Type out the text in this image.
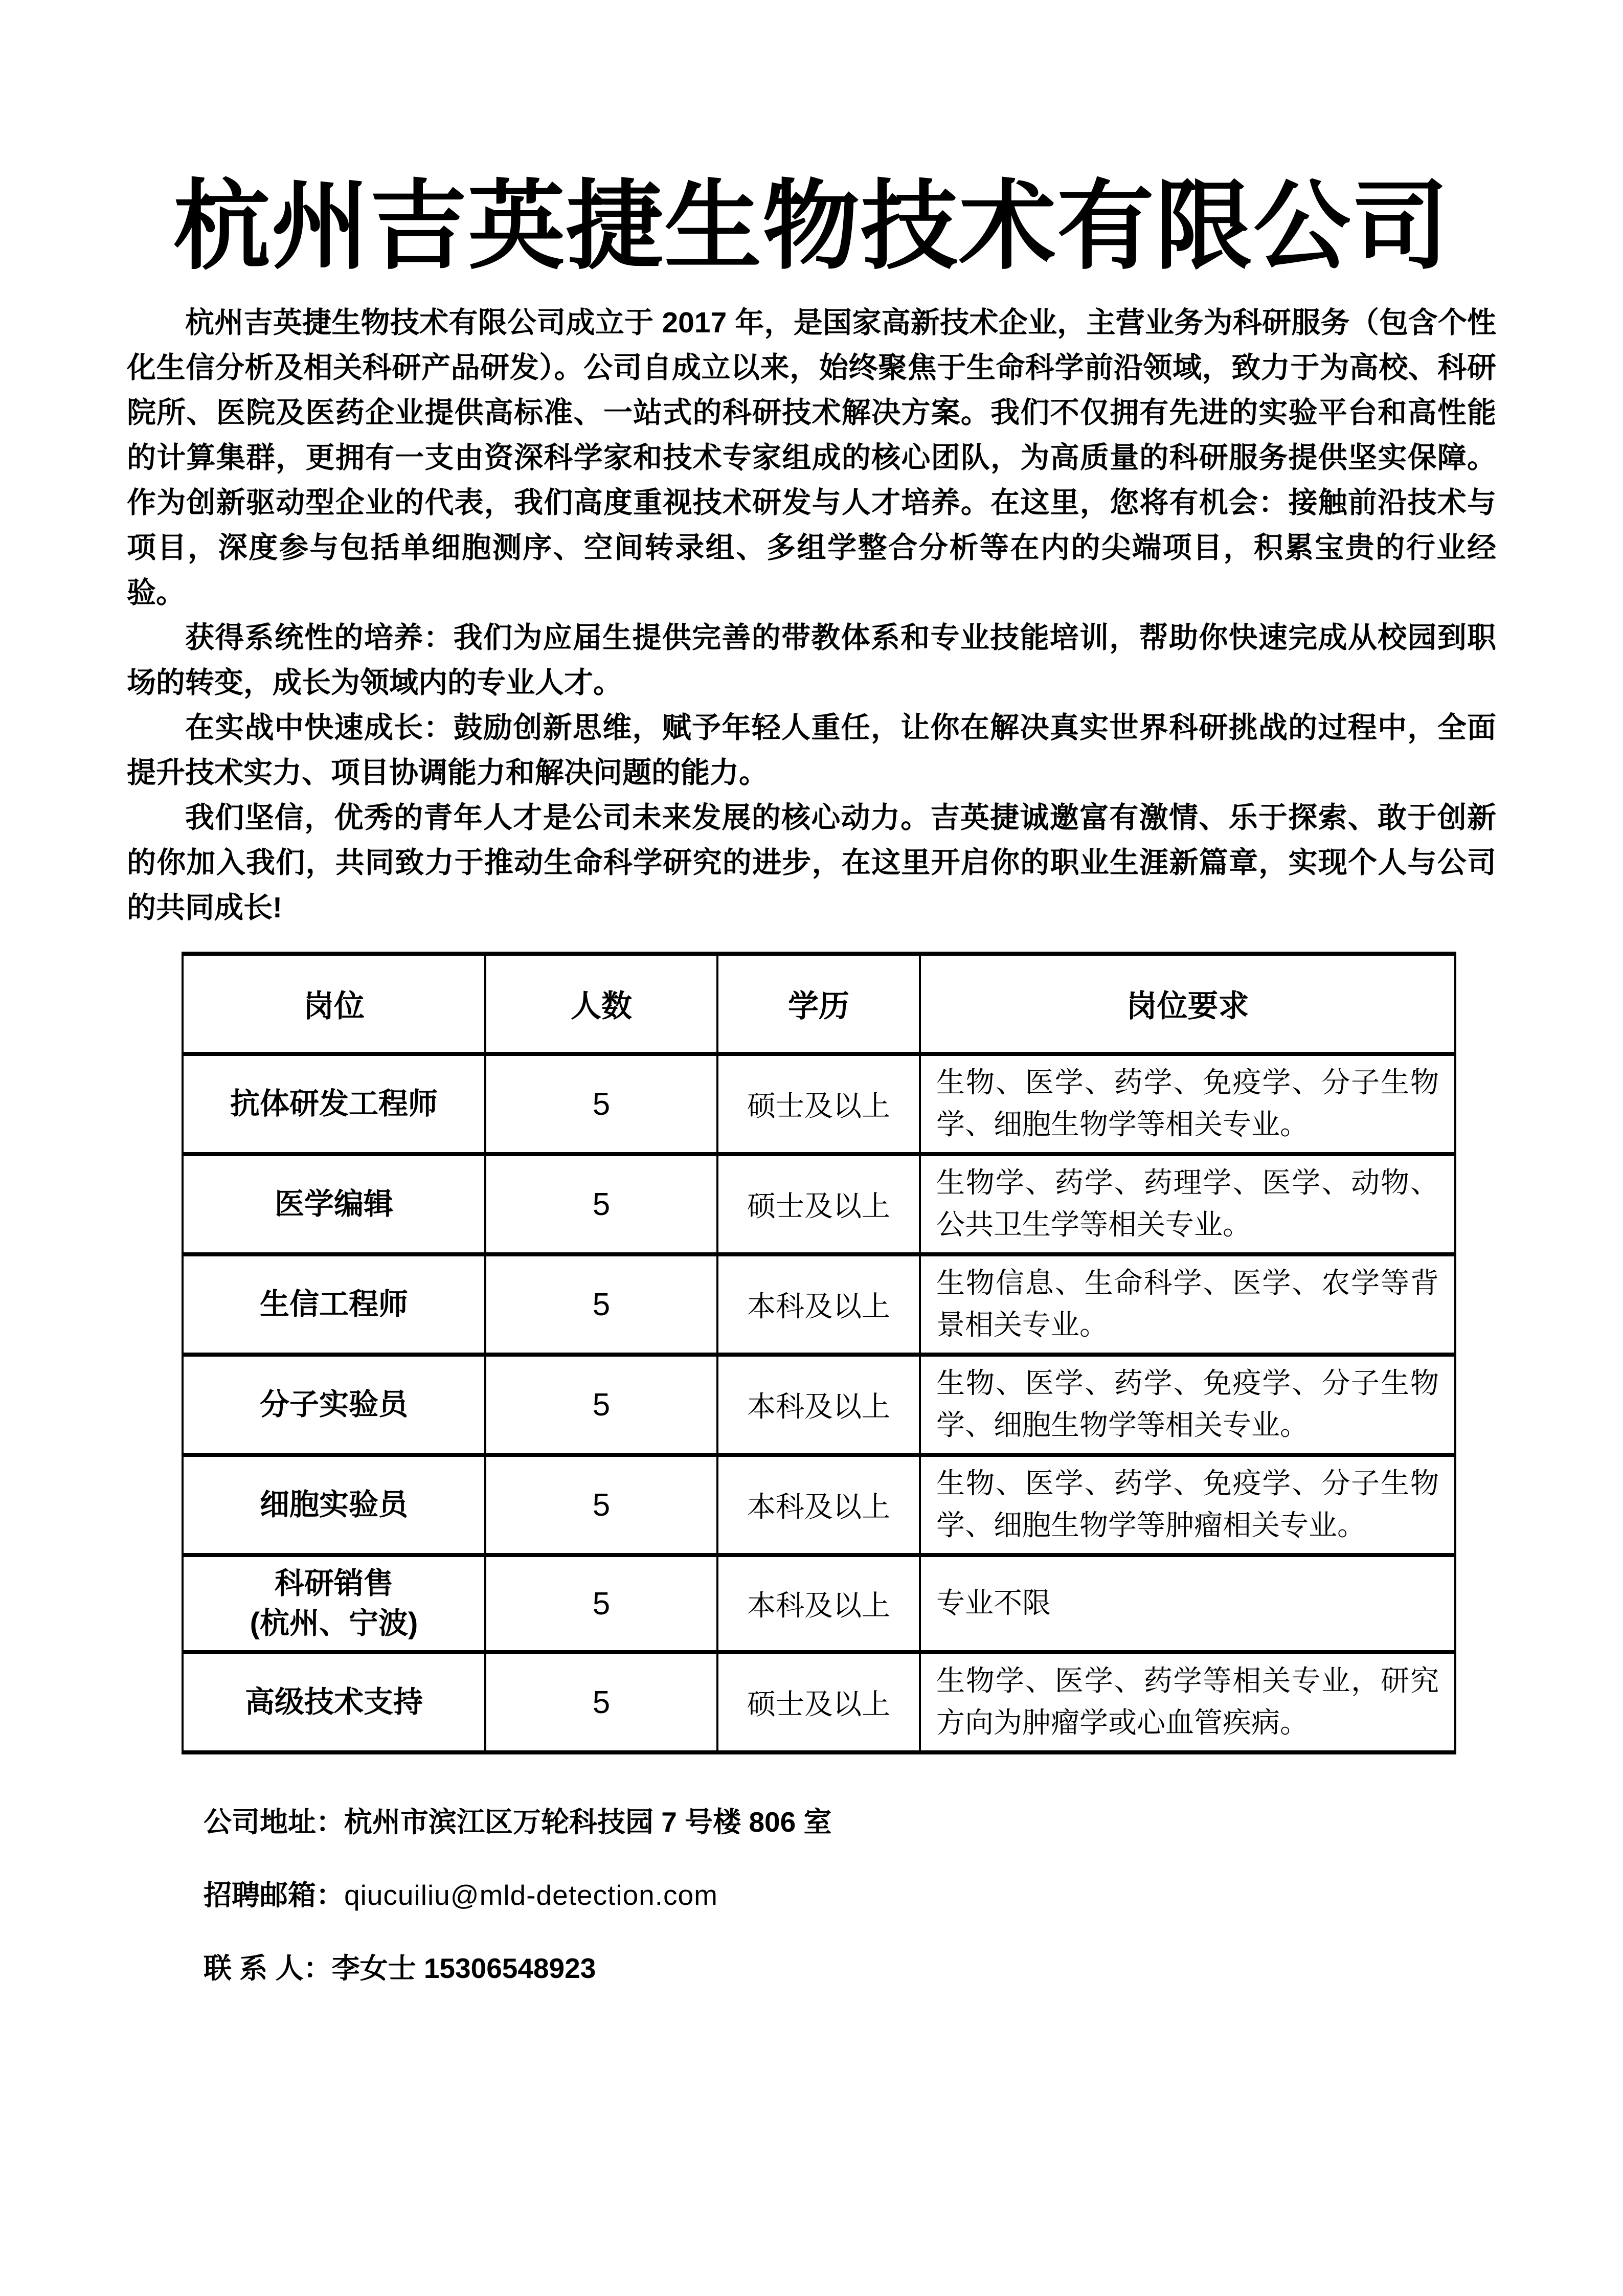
杭州吉英捷生物技术有限公司

杭州吉英捷生物技术有限公司成立于 2017 年，是国家高新技术企业，主营业务为科研服务（包含个性化生信分析及相关科研产品研发）。公司自成立以来，始终聚焦于生命科学前沿领域，致力于为高校、科研院所、医院及医药企业提供高标准、一站式的科研技术解决方案。我们不仅拥有先进的实验平台和高性能的计算集群，更拥有一支由资深科学家和技术专家组成的核心团队，为高质量的科研服务提供坚实保障。作为创新驱动型企业的代表，我们高度重视技术研发与人才培养。在这里，您将有机会：接触前沿技术与项目，深度参与包括单细胞测序、空间转录组、多组学整合分析等在内的尖端项目，积累宝贵的行业经验。

获得系统性的培养：我们为应届生提供完善的带教体系和专业技能培训，帮助你快速完成从校园到职场的转变，成长为领域内的专业人才。

在实战中快速成长：鼓励创新思维，赋予年轻人重任，让你在解决真实世界科研挑战的过程中，全面提升技术实力、项目协调能力和解决问题的能力。

我们坚信，优秀的青年人才是公司未来发展的核心动力。吉英捷诚邀富有激情、乐于探索、敢于创新的你加入我们，共同致力于推动生命科学研究的进步，在这里开启你的职业生涯新篇章，实现个人与公司的共同成长!

岗位	人数	学历	岗位要求
抗体研发工程师	5	硕士及以上	生物、医学、药学、免疫学、分子生物学、细胞生物学等相关专业。
医学编辑	5	硕士及以上	生物学、药学、药理学、医学、动物、公共卫生学等相关专业。
生信工程师	5	本科及以上	生物信息、生命科学、医学、农学等背景相关专业。
分子实验员	5	本科及以上	生物、医学、药学、免疫学、分子生物学、细胞生物学等相关专业。
细胞实验员	5	本科及以上	生物、医学、药学、免疫学、分子生物学、细胞生物学等肿瘤相关专业。

科研销售
(杭州、宁波)	5	本科及以上	专业不限
高级技术支持	5	硕士及以上	生物学、医学、药学等相关专业，研究方向为肿瘤学或心血管疾病。

公司地址：杭州市滨江区万轮科技园 7 号楼 806 室

招聘邮箱：qiucuiliu@mld-detection.com

联 系 人：李女士 15306548923
